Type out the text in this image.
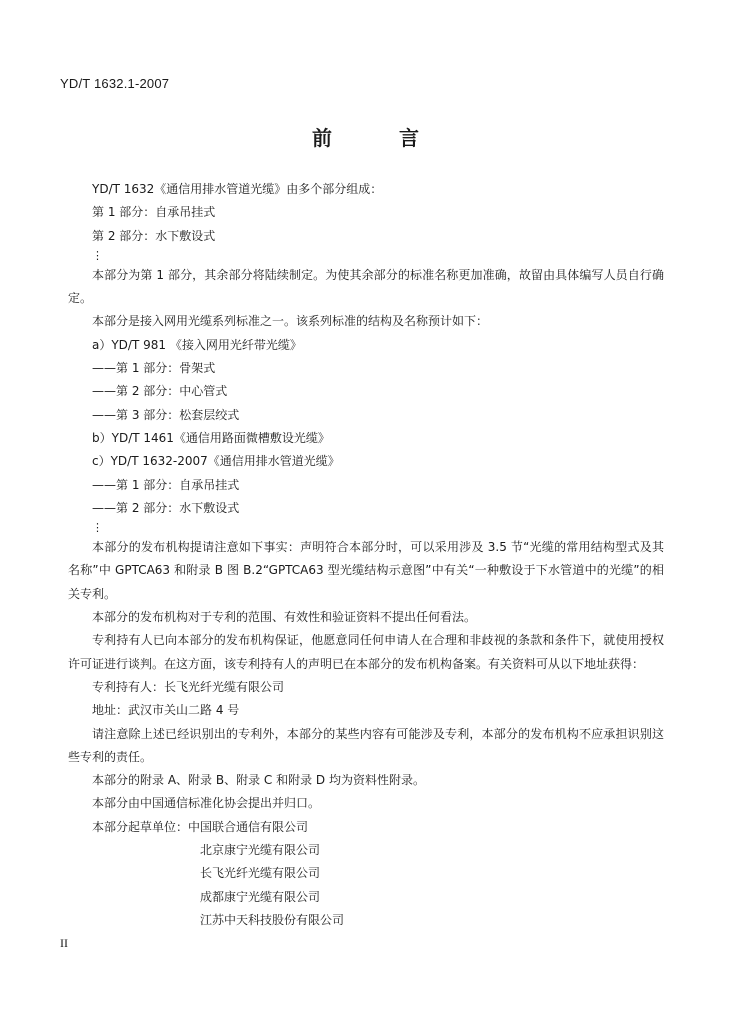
YD/T 1632.1-2007
前 言
YD/T 1632《通信用排水管道光缆》由多个部分组成：
第 1 部分：自承吊挂式
第 2 部分：水下敷设式
⋮
本部分为第 1 部分，其余部分将陆续制定。为使其余部分的标准名称更加准确，故留由具体编写人员自行确定。
本部分是接入网用光缆系列标准之一。该系列标准的结构及名称预计如下：
a）YD/T 981 《接入网用光纤带光缆》
——第 1 部分：骨架式
——第 2 部分：中心管式
——第 3 部分：松套层绞式
b）YD/T 1461《通信用路面微槽敷设光缆》
c）YD/T 1632-2007《通信用排水管道光缆》
——第 1 部分：自承吊挂式
——第 2 部分：水下敷设式
⋮
本部分的发布机构提请注意如下事实：声明符合本部分时，可以采用涉及 3.5 节“光缆的常用结构型式及其名称”中 GPTCA63 和附录 B 图 B.2“GPTCA63 型光缆结构示意图”中有关“一种敷设于下水管道中的光缆”的相关专利。
本部分的发布机构对于专利的范围、有效性和验证资料不提出任何看法。
专利持有人已向本部分的发布机构保证，他愿意同任何申请人在合理和非歧视的条款和条件下，就使用授权许可证进行谈判。在这方面，该专利持有人的声明已在本部分的发布机构备案。有关资料可从以下地址获得：
专利持有人：长飞光纤光缆有限公司
地址：武汉市关山二路 4 号
请注意除上述已经识别出的专利外，本部分的某些内容有可能涉及专利，本部分的发布机构不应承担识别这些专利的责任。
本部分的附录 A、附录 B、附录 C 和附录 D 均为资料性附录。
本部分由中国通信标准化协会提出并归口。
本部分起草单位：中国联合通信有限公司
北京康宁光缆有限公司
长飞光纤光缆有限公司
成都康宁光缆有限公司
江苏中天科技股份有限公司
II
